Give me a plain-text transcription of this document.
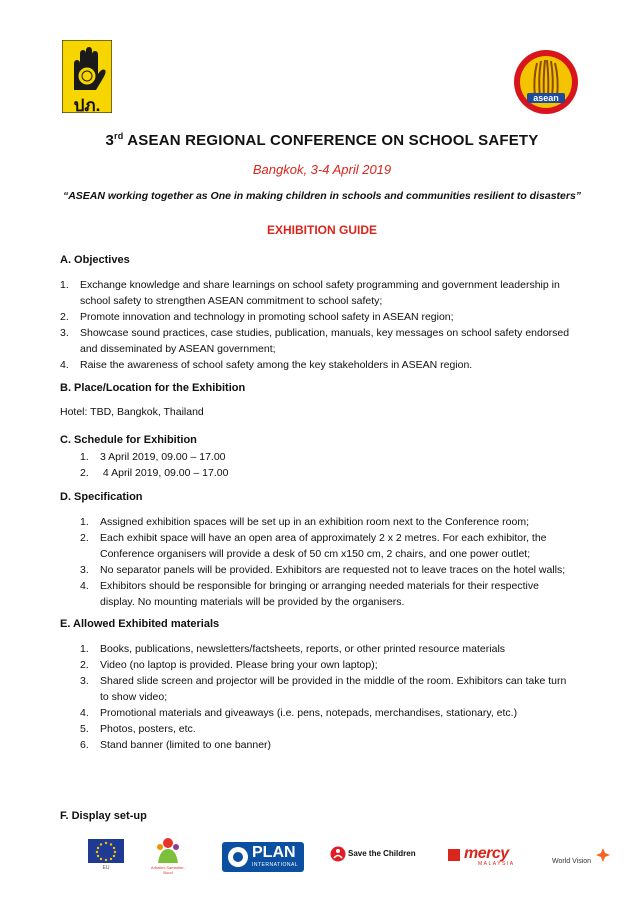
ปภ.	asean
3rd ASEAN REGIONAL CONFERENCE ON SCHOOL SAFETY
Bangkok, 3-4 April 2019
“ASEAN working together as One in making children in schools and communities resilient to disasters”
EXHIBITION GUIDE
A. Objectives
1.	Exchange knowledge and share learnings on school safety programming and government leadership in
school safety to strengthen ASEAN commitment to school safety;
2.	Promote innovation and technology in promoting school safety in ASEAN region;
3.	Showcase sound practices, case studies, publication, manuals, key messages on school safety endorsed
and disseminated by ASEAN government;
4.	Raise the awareness of school safety among the key stakeholders in ASEAN region.
B. Place/Location for the Exhibition
Hotel: TBD, Bangkok, Thailand
C. Schedule for Exhibition
1.	3 April 2019, 09.00 – 17.00
2.	4 April 2019, 09.00 – 17.00
D. Specification
1.	Assigned exhibition spaces will be set up in an exhibition room next to the Conference room;
2.	Each exhibit space will have an open area of approximately 2 x 2 metres. For each exhibitor, the
Conference organisers will provide a desk of 50 cm x150 cm, 2 chairs, and one power outlet;
3.	No separator panels will be provided. Exhibitors are requested not to leave traces on the hotel walls;
4.	Exhibitors should be responsible for bringing or arranging needed materials for their respective
display. No mounting materials will be provided by the organisers.
E. Allowed Exhibited materials
1.	Books, publications, newsletters/factsheets, reports, or other printed resource materials
2.	Video (no laptop is provided. Please bring your own laptop);
3.	Shared slide screen and projector will be provided in the middle of the room. Exhibitors can take turn
to show video;
4.	Promotional materials and giveaways (i.e. pens, notepads, merchandises, stationary, etc.)
5.	Photos, posters, etc.
6.	Stand banner (limited to one banner)
F. Display set-up
EU	Arbeiter-Samariter-Bund
PLAN
INTERNATIONAL
Save the Children	mercy
MALAYSIA	World Vision
